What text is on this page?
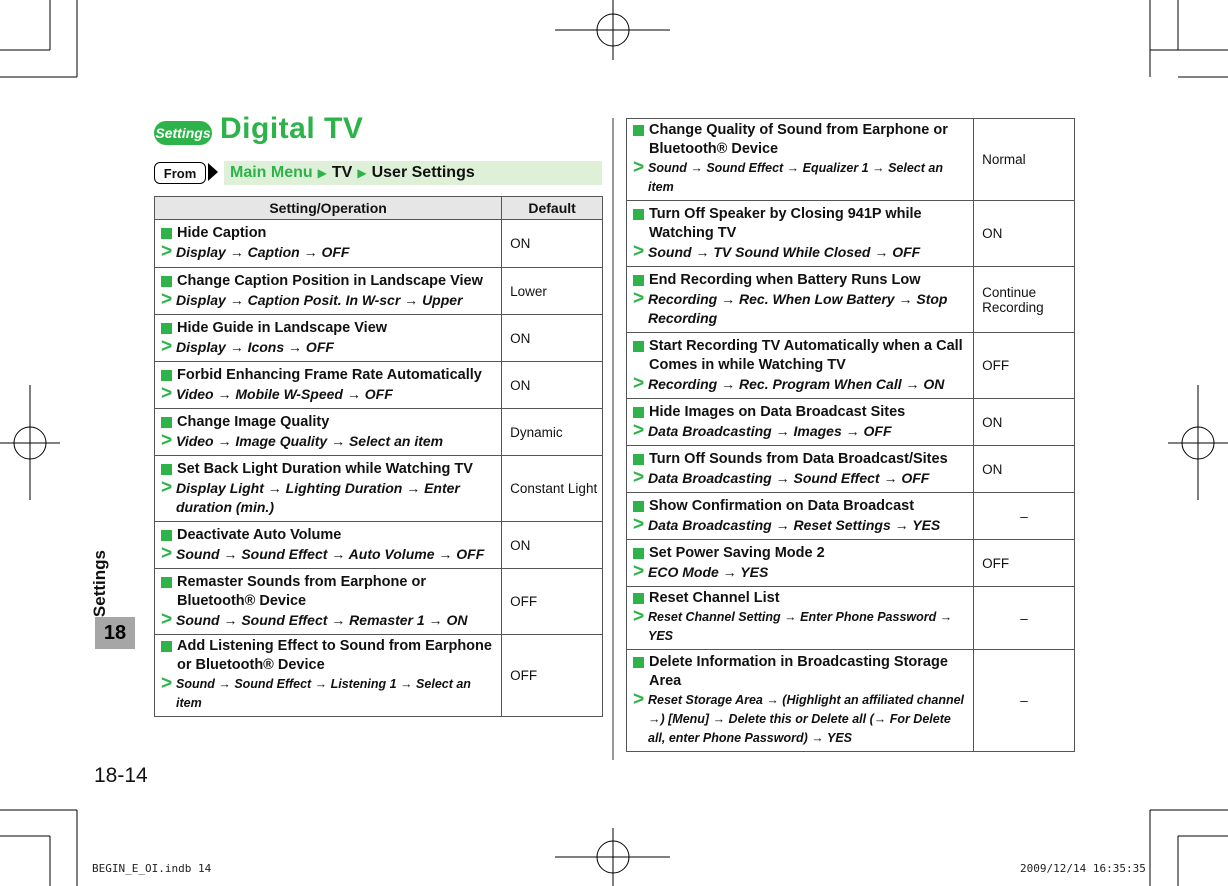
Settings Digital TV
From	Main Menu ▶ TV ▶ User Settings
Setting/Operation	Default

Hide Caption
> Display → Caption → OFF	ON

Change Caption Position in Landscape View
> Display → Caption Posit. In W-scr → Upper	Lower

Hide Guide in Landscape View
> Display → Icons → OFF	ON

Forbid Enhancing Frame Rate Automatically
> Video → Mobile W-Speed → OFF	ON

Change Image Quality
> Video → Image Quality → Select an item	Dynamic

Set Back Light Duration while Watching TV
> Display Light → Lighting Duration → Enter duration (min.)	Constant Light

Deactivate Auto Volume
> Sound → Sound Effect → Auto Volume → OFF	ON

Remaster Sounds from Earphone or Bluetooth® Device
> Sound → Sound Effect → Remaster 1 → ON	OFF

Add Listening Effect to Sound from Earphone or Bluetooth® Device
> Sound → Sound Effect → Listening 1 → Select an item	OFF
Change Quality of Sound from Earphone or Bluetooth® Device
> Sound → Sound Effect → Equalizer 1 → Select an item	Normal

Turn Off Speaker by Closing 941P while Watching TV
> Sound → TV Sound While Closed → OFF	ON

End Recording when Battery Runs Low
> Recording → Rec. When Low Battery → Stop Recording	Continue Recording

Start Recording TV Automatically when a Call Comes in while Watching TV
> Recording → Rec. Program When Call → ON	OFF

Hide Images on Data Broadcast Sites
> Data Broadcasting → Images → OFF	ON

Turn Off Sounds from Data Broadcast/Sites
> Data Broadcasting → Sound Effect → OFF	ON

Show Confirmation on Data Broadcast
> Data Broadcasting → Reset Settings → YES	–

Set Power Saving Mode 2
> ECO Mode → YES	OFF

Reset Channel List
> Reset Channel Setting → Enter Phone Password → YES	–

Delete Information in Broadcasting Storage Area
> Reset Storage Area → (Highlight an affiliated channel →) [Menu] → Delete this or Delete all (→ For Delete all, enter Phone Password) → YES	–
Settings
18
18-14
BEGIN_E_OI.indb 14	2009/12/14 16:35:35
